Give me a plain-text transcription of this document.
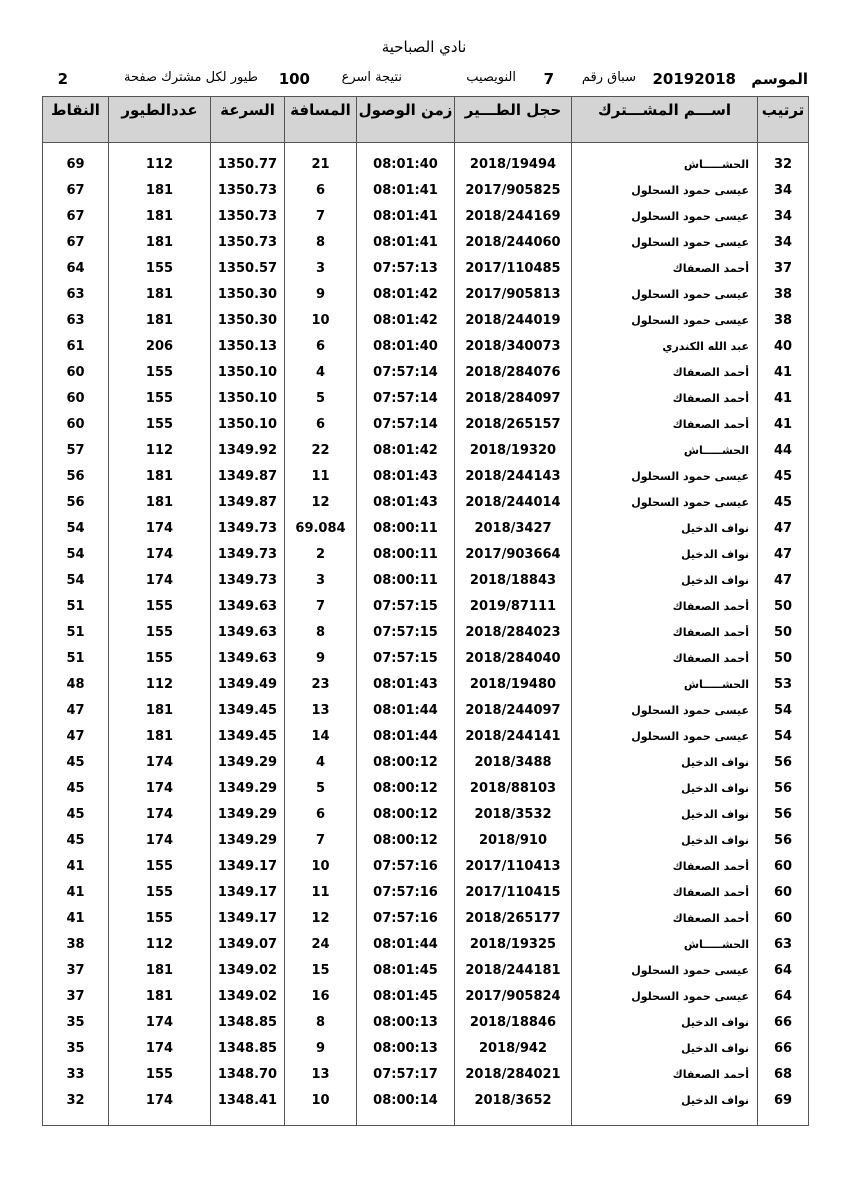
نادي الصباحية
الموسم
20192018
سباق رقم
7
النويصيب
نتيجة اسرع
100
طيور لكل مشترك صفحة
2
ترتيب	اســـم المشـــترك	حجل الطـــير	زمن الوصول	المسافة	السرعة	عددالطيور	النقاط

32	الحشـــــاش	2018/19494	08:01:40	21	1350.77	112	69
34	عيسى حمود السحلول	2017/905825	08:01:41	6	1350.73	181	67
34	عيسى حمود السحلول	2018/244169	08:01:41	7	1350.73	181	67
34	عيسى حمود السحلول	2018/244060	08:01:41	8	1350.73	181	67
37	أحمد الصعفاك	2017/110485	07:57:13	3	1350.57	155	64
38	عيسى حمود السحلول	2017/905813	08:01:42	9	1350.30	181	63
38	عيسى حمود السحلول	2018/244019	08:01:42	10	1350.30	181	63
40	عبد الله الكندري	2018/340073	08:01:40	6	1350.13	206	61
41	أحمد الصعفاك	2018/284076	07:57:14	4	1350.10	155	60
41	أحمد الصعفاك	2018/284097	07:57:14	5	1350.10	155	60
41	أحمد الصعفاك	2018/265157	07:57:14	6	1350.10	155	60
44	الحشـــــاش	2018/19320	08:01:42	22	1349.92	112	57
45	عيسى حمود السحلول	2018/244143	08:01:43	11	1349.87	181	56
45	عيسى حمود السحلول	2018/244014	08:01:43	12	1349.87	181	56
47	نواف الدخيل	2018/3427	08:00:11	69.084	1349.73	174	54
47	نواف الدخيل	2017/903664	08:00:11	2	1349.73	174	54
47	نواف الدخيل	2018/18843	08:00:11	3	1349.73	174	54
50	أحمد الصعفاك	2019/87111	07:57:15	7	1349.63	155	51
50	أحمد الصعفاك	2018/284023	07:57:15	8	1349.63	155	51
50	أحمد الصعفاك	2018/284040	07:57:15	9	1349.63	155	51
53	الحشـــــاش	2018/19480	08:01:43	23	1349.49	112	48
54	عيسى حمود السحلول	2018/244097	08:01:44	13	1349.45	181	47
54	عيسى حمود السحلول	2018/244141	08:01:44	14	1349.45	181	47
56	نواف الدخيل	2018/3488	08:00:12	4	1349.29	174	45
56	نواف الدخيل	2018/88103	08:00:12	5	1349.29	174	45
56	نواف الدخيل	2018/3532	08:00:12	6	1349.29	174	45
56	نواف الدخيل	2018/910	08:00:12	7	1349.29	174	45
60	أحمد الصعفاك	2017/110413	07:57:16	10	1349.17	155	41
60	أحمد الصعفاك	2017/110415	07:57:16	11	1349.17	155	41
60	أحمد الصعفاك	2018/265177	07:57:16	12	1349.17	155	41
63	الحشـــــاش	2018/19325	08:01:44	24	1349.07	112	38
64	عيسى حمود السحلول	2018/244181	08:01:45	15	1349.02	181	37
64	عيسى حمود السحلول	2017/905824	08:01:45	16	1349.02	181	37
66	نواف الدخيل	2018/18846	08:00:13	8	1348.85	174	35
66	نواف الدخيل	2018/942	08:00:13	9	1348.85	174	35
68	أحمد الصعفاك	2018/284021	07:57:17	13	1348.70	155	33
69	نواف الدخيل	2018/3652	08:00:14	10	1348.41	174	32
